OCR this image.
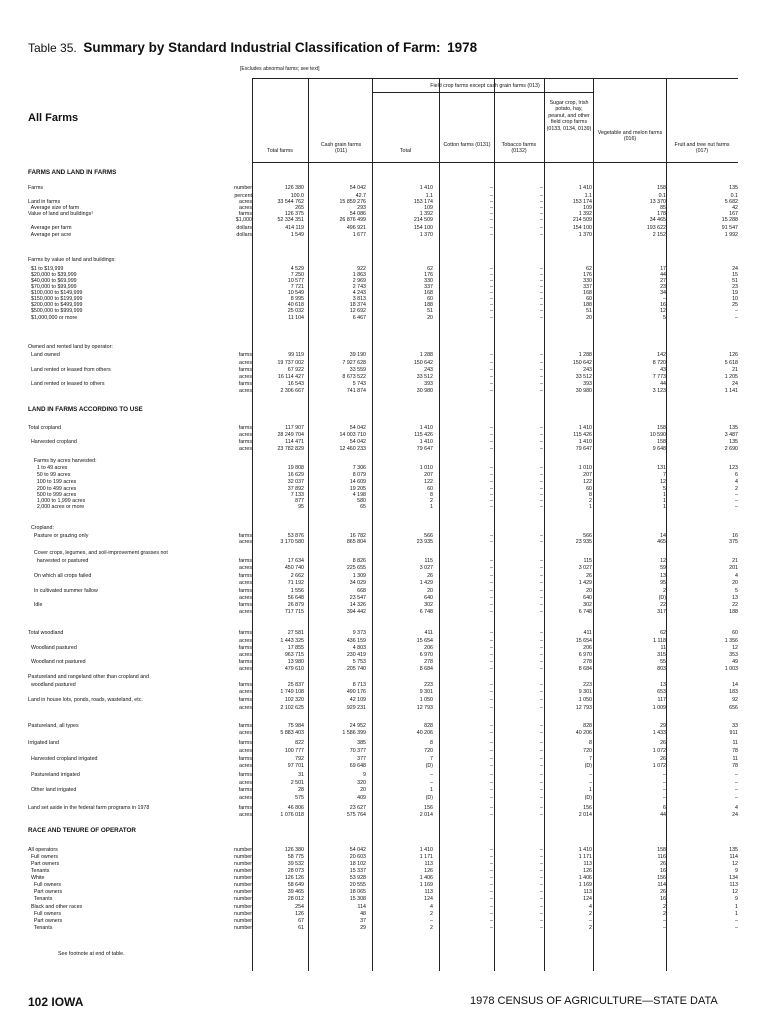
Table 35. Summary by Standard Industrial Classification of Farm: 1978
[Excludes abnormal farms; see text]
All Farms
Field crop farms except cash grain farms (013)
Total farms
Cash grain farms (011)	Total
Cotton farms (0131)	Tobacco farms (0132)
Sugar crop, Irish potato, hay, peanut, and other field crop farms (0133, 0134, 0139)
Vegetable and melon farms (016)
Fruit and tree nut farms (017)
FARMS AND LAND IN FARMS
LAND IN FARMS ACCORDING TO USE
RACE AND TENURE OF OPERATOR
Farms	number	126 380	54 042	1 410	–	–	1 410	158	135
percent	100.0	42.7	1.1	–	–	1.1	0.1	0.1
Land in farms	acres	33 544 762	15 859 276	153 174	–	–	153 174	13 370	5 682
Average size of farm	acres	265	293	109	–	–	109	85	42
Value of land and buildings¹	farms	126 375	54 086	1 392	–	–	1 392	178	167
$1,000	52 334 351	26 876 499	214 509	–	–	214 509	34 465	15 288
Average per farm	dollars	414 119	496 921	154 100	–	–	154 100	193 622	91 547
Average per acre	dollars	1 549	1 677	1 370	–	–	1 370	2 152	1 992
Farms by value of land and buildings:
$1 to $19,999	4 529	922	62	–	–	62	17	24
$20,000 to $39,999	7 250	1 863	176	–	–	176	44	15
$40,000 to $69,999	10 577	2 969	330	–	–	330	27	51
$70,000 to $99,999	7 721	2 743	337	–	–	337	23	23
$100,000 to $149,999	10 549	4 243	168	–	–	168	34	19
$150,000 to $199,999	8 995	3 813	60	–	–	60	–	10
$200,000 to $499,999	40 618	18 374	188	–	–	188	16	25
$500,000 to $999,999	25 032	12 692	51	–	–	51	12	–
$1,000,000 or more	11 104	6 467	20	–	–	20	5	–
Owned and rented land by operator:
Land owned	farms	99 119	39 190	1 288	–	–	1 288	142	126
acres	19 737 002	7 927 628	150 642	–	–	150 642	8 720	5 618
Land rented or leased from others	farms	67 922	33 559	243	–	–	243	43	21
acres	16 114 427	8 673 522	33 512	–	–	33 512	7 773	1 205
Land rented or leased to others	farms	16 543	5 743	393	–	–	393	44	24
acres	2 306 667	741 874	30 980	–	–	30 980	3 123	1 141
Total cropland	farms	117 907	54 042	1 410	–	–	1 410	158	135
acres	28 249 704	14 003 710	115 426	–	–	115 426	10 590	3 487
Harvested cropland	farms	114 471	54 042	1 410	–	–	1 410	158	135
acres	23 782 829	12 460 233	79 647	–	–	79 647	9 648	2 690
Farms by acres harvested:
1 to 49 acres	19 808	7 306	1 010	–	–	1 010	131	123
50 to 99 acres	16 629	8 079	207	–	–	207	7	6
100 to 199 acres	32 037	14 609	122	–	–	122	12	4
200 to 499 acres	37 892	19 205	60	–	–	60	5	2
500 to 999 acres	7 133	4 198	8	–	–	8	1	–
1,000 to 1,999 acres	877	580	2	–	–	2	1	–
2,000 acres or more	95	65	1	–	–	1	1	–
Cropland:
Pasture or grazing only	farms	53 876	16 782	566	–	–	566	14	16
acres	3 170 580	865 804	23 935	–	–	23 935	465	375
Cover crops, legumes, and soil-improvement grasses not
harvested or pastured	farms	17 634	8 826	115	–	–	115	12	21
acres	450 740	225 655	3 027	–	–	3 027	59	201
On which all crops failed	farms	2 662	1 309	26	–	–	26	13	4
acres	71 192	34 029	1 429	–	–	1 429	95	20
In cultivated summer fallow	farms	1 556	668	20	–	–	20	2	5
acres	56 648	23 547	640	–	–	640	(D)	13
Idle	farms	26 879	14 326	302	–	–	302	22	22
acres	717 715	394 442	6 748	–	–	6 748	317	188
Total woodland	farms	27 581	9 373	411	–	–	411	62	60
acres	1 443 325	436 159	15 654	–	–	15 654	1 118	1 356
Woodland pastured	farms	17 855	4 803	206	–	–	206	11	12
acres	963 715	230 419	6 970	–	–	6 970	315	353
Woodland not pastured	farms	13 980	5 753	278	–	–	278	55	49
acres	479 610	205 740	8 684	–	–	8 684	803	1 003
Pastureland and rangeland other than cropland and
woodland pastured	farms	25 837	8 713	223	–	–	223	13	14
acres	1 749 108	490 176	9 301	–	–	9 301	653	183
Land in house lots, ponds, roads, wasteland, etc.	farms	102 320	42 109	1 050	–	–	1 050	117	92
acres	2 102 625	929 231	12 793	–	–	12 793	1 009	656
Pastureland, all types	farms	75 984	24 952	828	–	–	828	29	33
acres	5 883 403	1 586 399	40 206	–	–	40 206	1 433	911
Irrigated land	farms	822	385	8	–	–	8	26	11
acres	100 777	70 377	720	–	–	720	1 072	78
Harvested cropland irrigated	farms	792	377	7	–	–	7	26	11
acres	97 701	69 648	(D)	–	–	(D)	1 072	78
Pastureland irrigated	farms	31	9	–	–	–	–	–	–
acres	2 501	320	–	–	–	–	–	–
Other land irrigated	farms	28	20	1	–	–	1	–	–
acres	575	409	(D)	–	–	(D)	–	–
Land set aside in the federal farm programs in 1978	farms	46 806	23 627	156	–	–	156	6	4
acres	1 076 018	575 764	2 014	–	–	2 014	44	24
All operators	number	126 380	54 042	1 410	–	–	1 410	158	135
Full owners	number	58 775	20 603	1 171	–	–	1 171	116	114
Part owners	number	39 532	18 102	113	–	–	113	26	12
Tenants	number	28 073	15 337	126	–	–	126	16	9
White	number	126 126	53 928	1 406	–	–	1 406	156	134
Full owners	number	58 649	20 555	1 169	–	–	1 169	114	113
Part owners	number	39 465	18 065	113	–	–	113	26	12
Tenants	number	28 012	15 308	124	–	–	124	16	9
Black and other races	number	254	114	4	–	–	4	2	1
Full owners	number	126	48	2	–	–	2	2	1
Part owners	number	67	37	–	–	–	–	–	–
Tenants	number	61	29	2	–	–	2	–	–
See footnote at end of table.
102 IOWA	1978 CENSUS OF AGRICULTURE—STATE DATA
